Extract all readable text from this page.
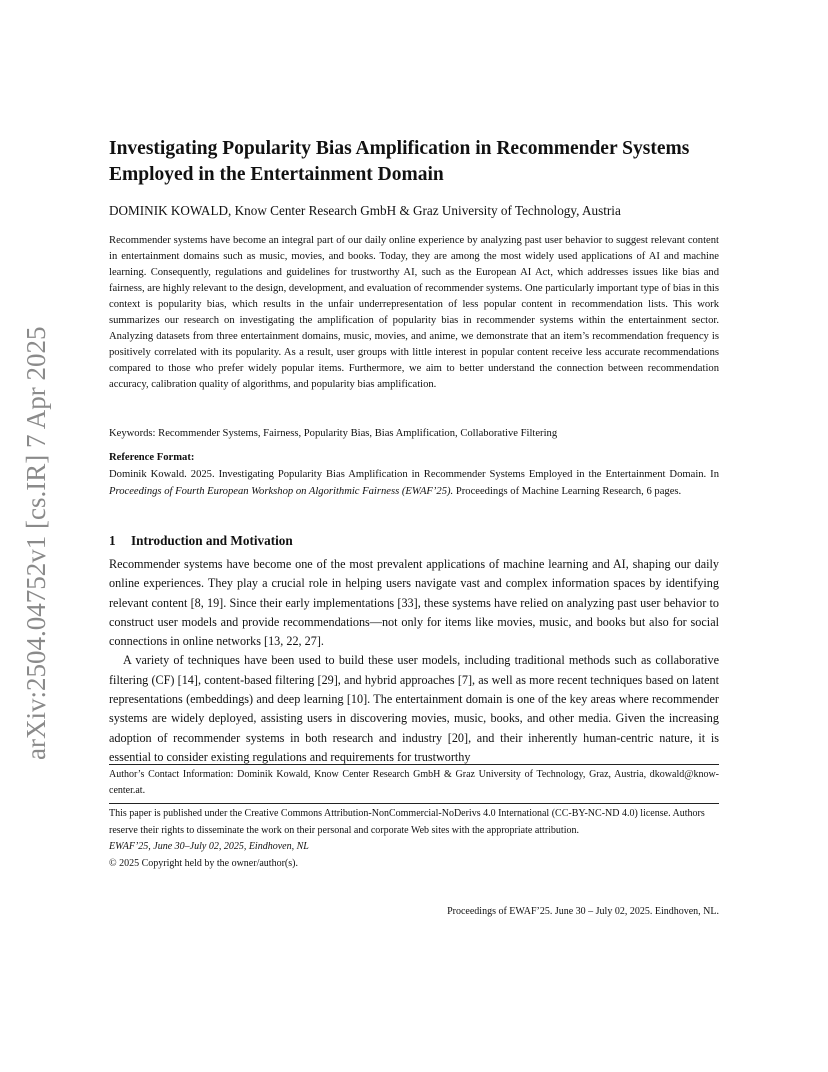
arXiv:2504.04752v1 [cs.IR] 7 Apr 2025
Investigating Popularity Bias Amplification in Recommender Systems Employed in the Entertainment Domain
DOMINIK KOWALD, Know Center Research GmbH & Graz University of Technology, Austria

Recommender systems have become an integral part of our daily online experience by analyzing past user behavior to suggest relevant content in entertainment domains such as music, movies, and books. Today, they are among the most widely used applications of AI and machine learning. Consequently, regulations and guidelines for trustworthy AI, such as the European AI Act, which addresses issues like bias and fairness, are highly relevant to the design, development, and evaluation of recommender systems. One particularly important type of bias in this context is popularity bias, which results in the unfair underrepresentation of less popular content in recommendation lists. This work summarizes our research on investigating the amplification of popularity bias in recommender systems within the entertainment sector. Analyzing datasets from three entertainment domains, music, movies, and anime, we demonstrate that an item’s recommendation frequency is positively correlated with its popularity. As a result, user groups with little interest in popular content receive less accurate recommendations compared to those who prefer widely popular items. Furthermore, we aim to better understand the connection between recommendation accuracy, calibration quality of algorithms, and popularity bias amplification.

Keywords: Recommender Systems, Fairness, Popularity Bias, Bias Amplification, Collaborative Filtering

Reference Format:

Dominik Kowald. 2025. Investigating Popularity Bias Amplification in Recommender Systems Employed in the Entertainment Domain. In Proceedings of Fourth European Workshop on Algorithmic Fairness (EWAF’25). Proceedings of Machine Learning Research, 6 pages.

1 Introduction and Motivation

Recommender systems have become one of the most prevalent applications of machine learning and AI, shaping our daily online experiences. They play a crucial role in helping users navigate vast and complex information spaces by identifying relevant content [8, 19]. Since their early implementations [33], these systems have relied on analyzing past user behavior to construct user models and provide recommendations—not only for items like movies, music, and books but also for social connections in online networks [13, 22, 27].

A variety of techniques have been used to build these user models, including traditional methods such as collaborative filtering (CF) [14], content-based filtering [29], and hybrid approaches [7], as well as more recent techniques based on latent representations (embeddings) and deep learning [10]. The entertainment domain is one of the key areas where recommender systems are widely deployed, assisting users in discovering movies, music, books, and other media. Given the increasing adoption of recommender systems in both research and industry [20], and their inherently human-centric nature, it is essential to consider existing regulations and requirements for trustworthy

Author’s Contact Information: Dominik Kowald, Know Center Research GmbH & Graz University of Technology, Graz, Austria, dkowald@know-center.at.

This paper is published under the Creative Commons Attribution-NonCommercial-NoDerivs 4.0 International (CC-BY-NC-ND 4.0) license. Authors reserve their rights to disseminate the work on their personal and corporate Web sites with the appropriate attribution.
EWAF’25, June 30–July 02, 2025, Eindhoven, NL
© 2025 Copyright held by the owner/author(s).
Proceedings of EWAF’25. June 30 – July 02, 2025. Eindhoven, NL.
